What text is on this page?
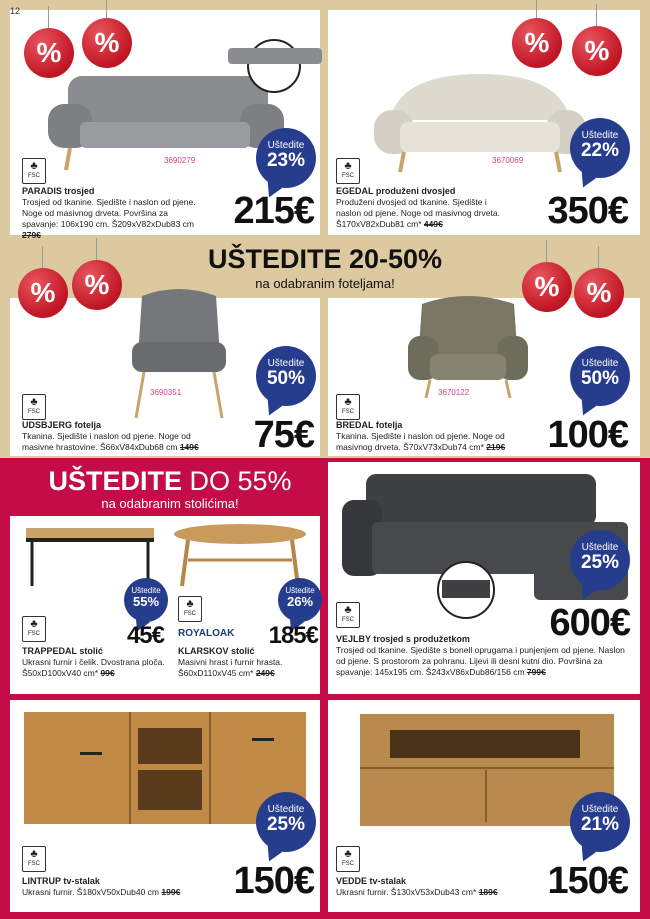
12
%	%	%	%
%	%	% %
UŠTEDITE 20-50%
na odabranim foteljama!
UŠTEDITE DO 55%
na odabranim stolićima!
♣
FSC
3690279
Uštedite
23%
PARADIS trosjed
Trosjed od tkanine. Sjedište i naslon od pjene. Noge od masivnog drveta. Površina za spavanje: 106x190 cm. Š209xV82xDub83 cm 279€
215€
♣
FSC
3670069
Uštedite
22%
EGEDAL produženi dvosjed
Produženi dvosjed od tkanine. Sjedište i naslon od pjene. Noge od masivnog drveta. Š170xV82xDub81 cm* 449€	350€
♣
FSC
3690351
Uštedite
50%
UDSBJERG fotelja
Tkanina. Sjedište i naslon od pjene. Noge od masivne hrastovine. Š66xV84xDub68 cm 149€	75€
♣
FSC
3670122
Uštedite
50%
BREDAL fotelja
Tkanina. Sjedište i naslon od pjene. Noge od masivnog drveta. Š70xV73xDub74 cm* 219€	100€
Uštedite
55%
♣
FSC	45€
TRAPPEDAL stolić
Ukrasni furnir i čelik. Dvostrana ploča. Š50xD100xV40 cm* 99€
♣
FSC
Uštedite
26%
ROYALOAK	185€
KLARSKOV stolić
Masivni hrast i furnir hrasta. Š60xD110xV45 cm* 249€
Uštedite
25%
♣
FSC	600€
VEJLBY trosjed s produžetkom
Trosjed od tkanine. Sjedište s bonell oprugama i punjenjem od pjene. Naslon od pjene. S prostorom za pohranu. Lijevi ili desni kutni dio. Površina za spavanje: 145x195 cm. Š243xV86xDub86/156 cm 799€
Uštedite
25%
♣
FSC
LINTRUP tv-stalak
Ukrasni furnir. Š180xV50xDub40 cm 199€	150€
Uštedite
21%
♣
FSC
VEDDE tv-stalak
Ukrasni furnir. Š130xV53xDub43 cm* 189€	150€
